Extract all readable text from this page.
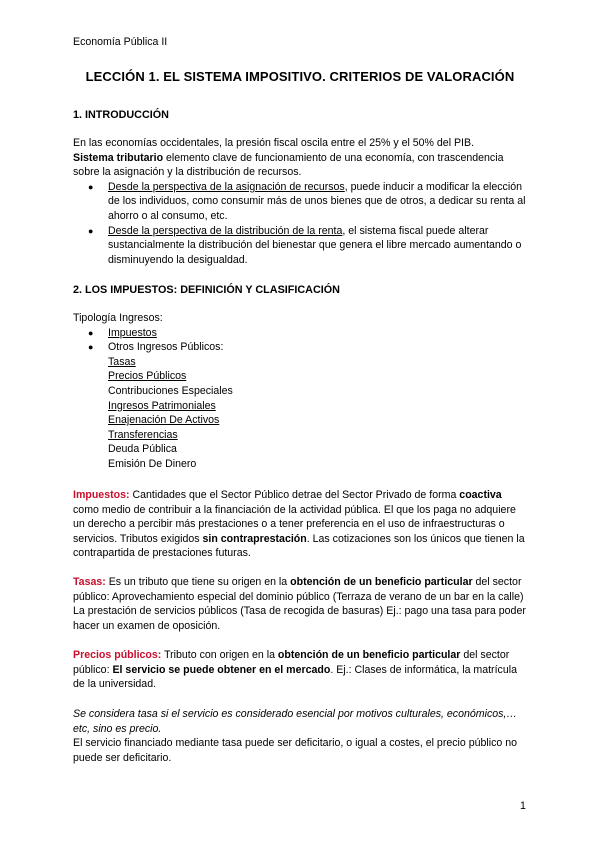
Economía Pública II
LECCIÓN 1. EL SISTEMA IMPOSITIVO. CRITERIOS DE VALORACIÓN
1. INTRODUCCIÓN

En las economías occidentales, la presión fiscal oscila entre el 25% y el 50% del PIB.

Sistema tributario elemento clave de funcionamiento de una economía, con trascendencia sobre la asignación y la distribución de recursos.

● Desde la perspectiva de la asignación de recursos, puede inducir a modificar la elección de los individuos, como consumir más de unos bienes que de otros, a dedicar su renta al ahorro o al consumo, etc.
● Desde la perspectiva de la distribución de la renta, el sistema fiscal puede alterar sustancialmente la distribución del bienestar que genera el libre mercado aumentando o disminuyendo la desigualdad.
2. LOS IMPUESTOS: DEFINICIÓN Y CLASIFICACIÓN

Tipología Ingresos:

● Impuestos
● Otros Ingresos Públicos:
Tasas
Precios Públicos
Contribuciones Especiales
Ingresos Patrimoniales
Enajenación De Activos
Transferencias
Deuda Pública
Emisión De Dinero

Impuestos: Cantidades que el Sector Público detrae del Sector Privado de forma coactiva como medio de contribuir a la financiación de la actividad pública. El que los paga no adquiere un derecho a percibir más prestaciones o a tener preferencia en el uso de infraestructuras o servicios. Tributos exigidos sin contraprestación. Las cotizaciones son los únicos que tienen la contrapartida de prestaciones futuras.

Tasas: Es un tributo que tiene su origen en la obtención de un beneficio particular del sector público: Aprovechamiento especial del dominio público (Terraza de verano de un bar en la calle) La prestación de servicios públicos (Tasa de recogida de basuras) Ej.: pago una tasa para poder hacer un examen de oposición.

Precios públicos: Tributo con origen en la obtención de un beneficio particular del sector público: El servicio se puede obtener en el mercado. Ej.: Clases de informática, la matrícula de la universidad.

Se considera tasa si el servicio es considerado esencial por motivos culturales, económicos,… etc, sino es precio.

El servicio financiado mediante tasa puede ser deficitario, o igual a costes, el precio público no puede ser deficitario.

1
